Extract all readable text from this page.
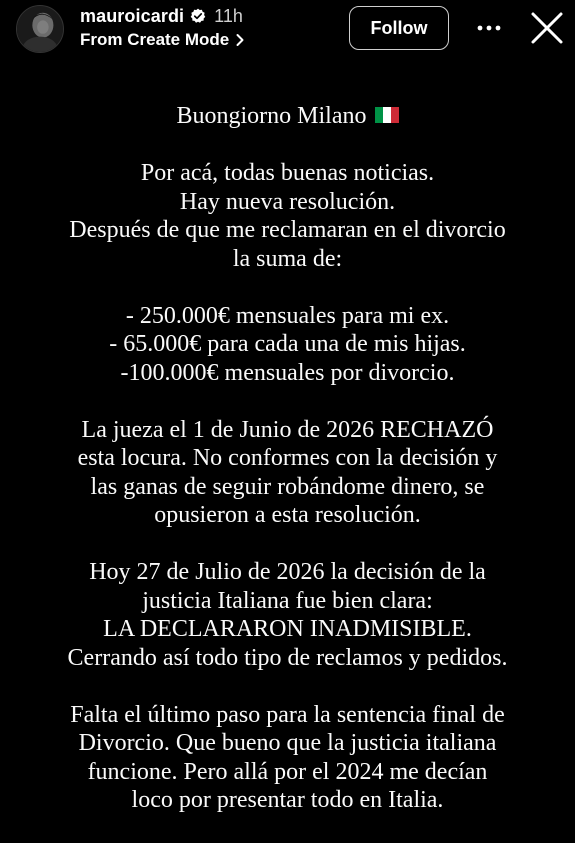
mauroicardi 11h
From Create Mode
Follow

Buongiorno Milano

Por acá, todas buenas noticias.
Hay nueva resolución.
Después de que me reclamaran en el divorcio
la suma de:

- 250.000€ mensuales para mi ex.
- 65.000€ para cada una de mis hijas.
-100.000€ mensuales por divorcio.

La jueza el 1 de Junio de 2026 RECHAZÓ
esta locura. No conformes con la decisión y
las ganas de seguir robándome dinero, se
opusieron a esta resolución.

Hoy 27 de Julio de 2026 la decisión de la
justicia Italiana fue bien clara:
LA DECLARARON INADMISIBLE.
Cerrando así todo tipo de reclamos y pedidos.

Falta el último paso para la sentencia final de
Divorcio. Que bueno que la justicia italiana
funcione. Pero allá por el 2024 me decían
loco por presentar todo en Italia.
